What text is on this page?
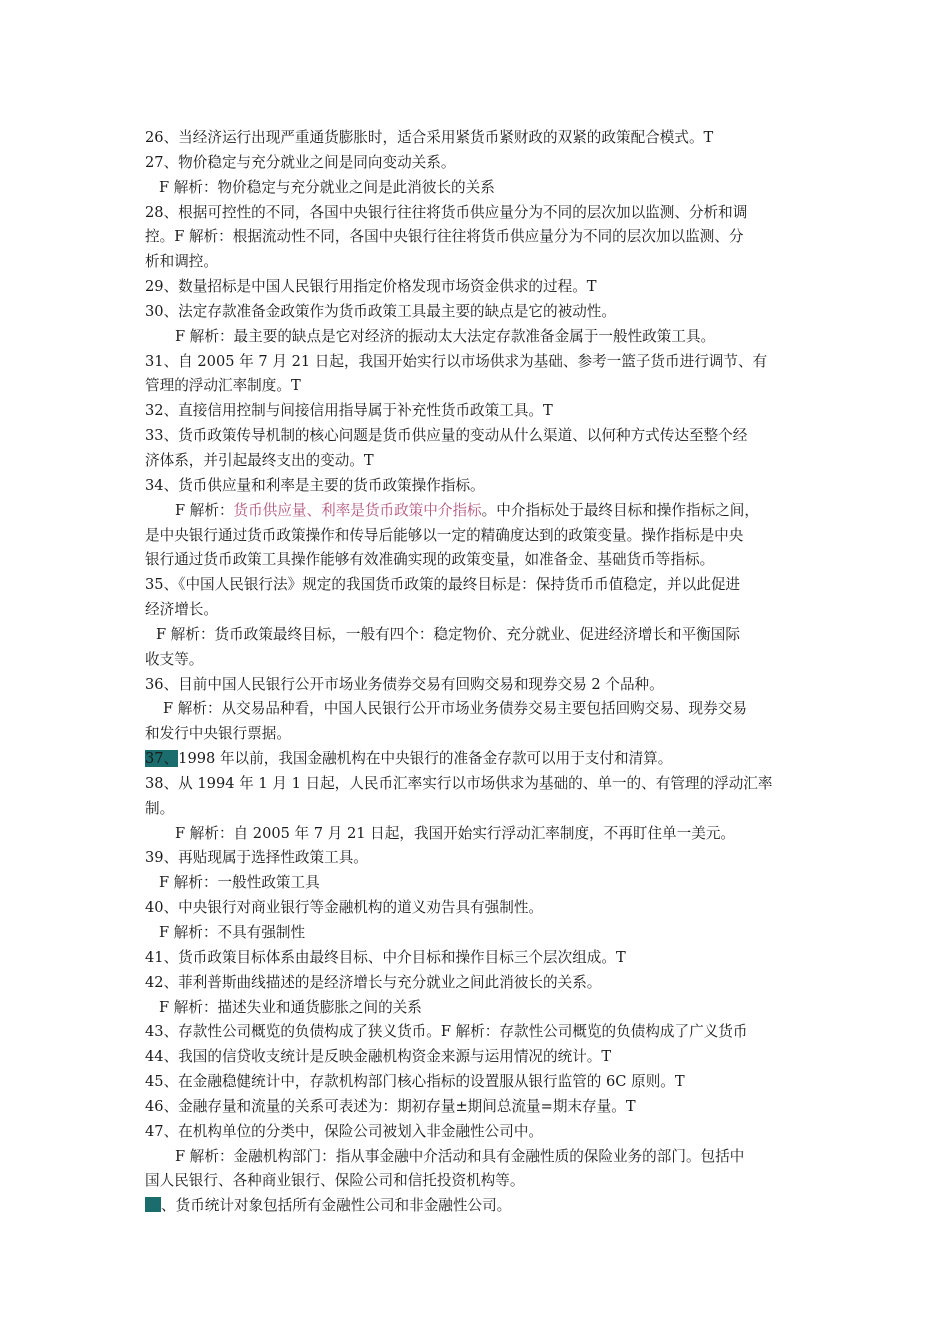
26、当经济运行出现严重通货膨胀时，适合采用紧货币紧财政的双紧的政策配合模式。T
27、物价稳定与充分就业之间是同向变动关系。
F 解析：物价稳定与充分就业之间是此消彼长的关系
28、根据可控性的不同，各国中央银行往往将货币供应量分为不同的层次加以监测、分析和调
控。F 解析：根据流动性不同，各国中央银行往往将货币供应量分为不同的层次加以监测、分
析和调控。
29、数量招标是中国人民银行用指定价格发现市场资金供求的过程。T
30、法定存款准备金政策作为货币政策工具最主要的缺点是它的被动性。
F 解析：最主要的缺点是它对经济的振动太大法定存款准备金属于一般性政策工具。
31、自 2005 年 7 月 21 日起，我国开始实行以市场供求为基础、参考一篮子货币进行调节、有
管理的浮动汇率制度。T
32、直接信用控制与间接信用指导属于补充性货币政策工具。T
33、货币政策传导机制的核心问题是货币供应量的变动从什么渠道、以何种方式传达至整个经
济体系，并引起最终支出的变动。T
34、货币供应量和利率是主要的货币政策操作指标。
F 解析：货币供应量、利率是货币政策中介指标。中介指标处于最终目标和操作指标之间，
是中央银行通过货币政策操作和传导后能够以一定的精确度达到的政策变量。操作指标是中央
银行通过货币政策工具操作能够有效准确实现的政策变量，如准备金、基础货币等指标。
35、《中国人民银行法》规定的我国货币政策的最终目标是：保持货币币值稳定，并以此促进
经济增长。
F 解析：货币政策最终目标，一般有四个：稳定物价、充分就业、促进经济增长和平衡国际
收支等。
36、目前中国人民银行公开市场业务债券交易有回购交易和现券交易 2 个品种。
F 解析：从交易品种看，中国人民银行公开市场业务债券交易主要包括回购交易、现券交易
和发行中央银行票据。
37、1998 年以前，我国金融机构在中央银行的准备金存款可以用于支付和清算。
38、从 1994 年 1 月 1 日起，人民币汇率实行以市场供求为基础的、单一的、有管理的浮动汇率
制。
F 解析：自 2005 年 7 月 21 日起，我国开始实行浮动汇率制度，不再盯住单一美元。
39、再贴现属于选择性政策工具。
F 解析：一般性政策工具
40、中央银行对商业银行等金融机构的道义劝告具有强制性。
F 解析：不具有强制性
41、货币政策目标体系由最终目标、中介目标和操作目标三个层次组成。T
42、菲利普斯曲线描述的是经济增长与充分就业之间此消彼长的关系。
F 解析：描述失业和通货膨胀之间的关系
43、存款性公司概览的负债构成了狭义货币。F 解析：存款性公司概览的负债构成了广义货币
44、我国的信贷收支统计是反映金融机构资金来源与运用情况的统计。T
45、在金融稳健统计中，存款机构部门核心指标的设置服从银行监管的 6C 原则。T
46、金融存量和流量的关系可表述为：期初存量±期间总流量=期末存量。T
47、在机构单位的分类中，保险公司被划入非金融性公司中。
F 解析：金融机构部门：指从事金融中介活动和具有金融性质的保险业务的部门。包括中
国人民银行、各种商业银行、保险公司和信托投资机构等。
、货币统计对象包括所有金融性公司和非金融性公司。
